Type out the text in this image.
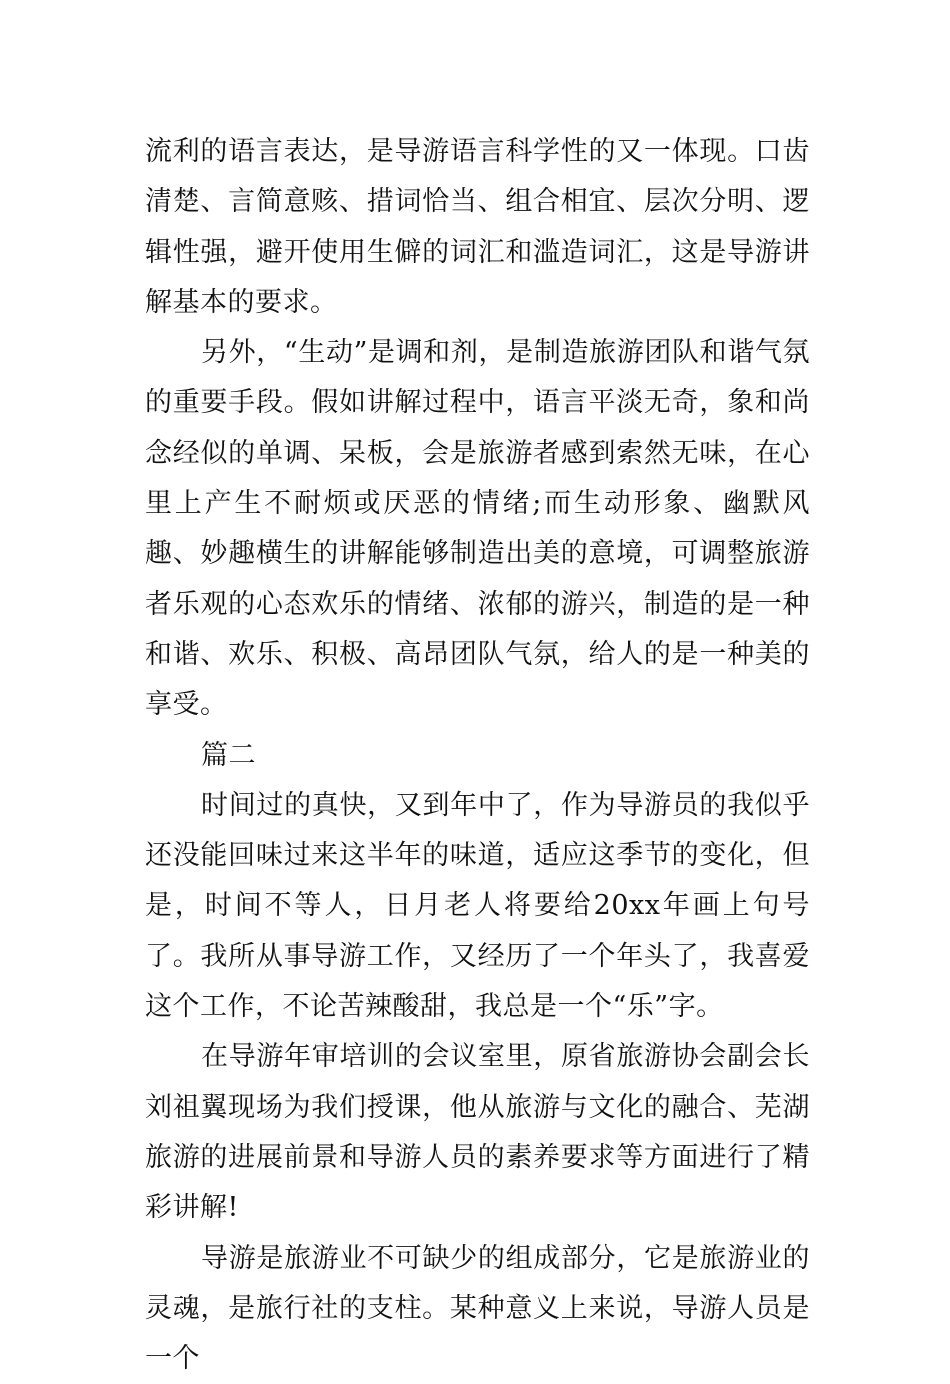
流利的语言表达，是导游语言科学性的又一体现。口齿清楚、言简意赅、措词恰当、组合相宜、层次分明、逻辑性强，避开使用生僻的词汇和滥造词汇，这是导游讲解基本的要求。

另外，“生动”是调和剂，是制造旅游团队和谐气氛的重要手段。假如讲解过程中，语言平淡无奇，象和尚念经似的单调、呆板，会是旅游者感到索然无味，在心里上产生不耐烦或厌恶的情绪;而生动形象、幽默风趣、妙趣横生的讲解能够制造出美的意境，可调整旅游者乐观的心态欢乐的情绪、浓郁的游兴，制造的是一种和谐、欢乐、积极、高昂团队气氛，给人的是一种美的享受。

篇二

时间过的真快，又到年中了，作为导游员的我似乎还没能回味过来这半年的味道，适应这季节的变化，但是，时间不等人，日月老人将要给20xx年画上句号了。我所从事导游工作，又经历了一个年头了，我喜爱这个工作，不论苦辣酸甜，我总是一个“乐”字。

在导游年审培训的会议室里，原省旅游协会副会长刘祖翼现场为我们授课，他从旅游与文化的融合、芜湖旅游的进展前景和导游人员的素养要求等方面进行了精彩讲解!

导游是旅游业不可缺少的组成部分，它是旅游业的灵魂，是旅行社的支柱。某种意义上来说，导游人员是一个
